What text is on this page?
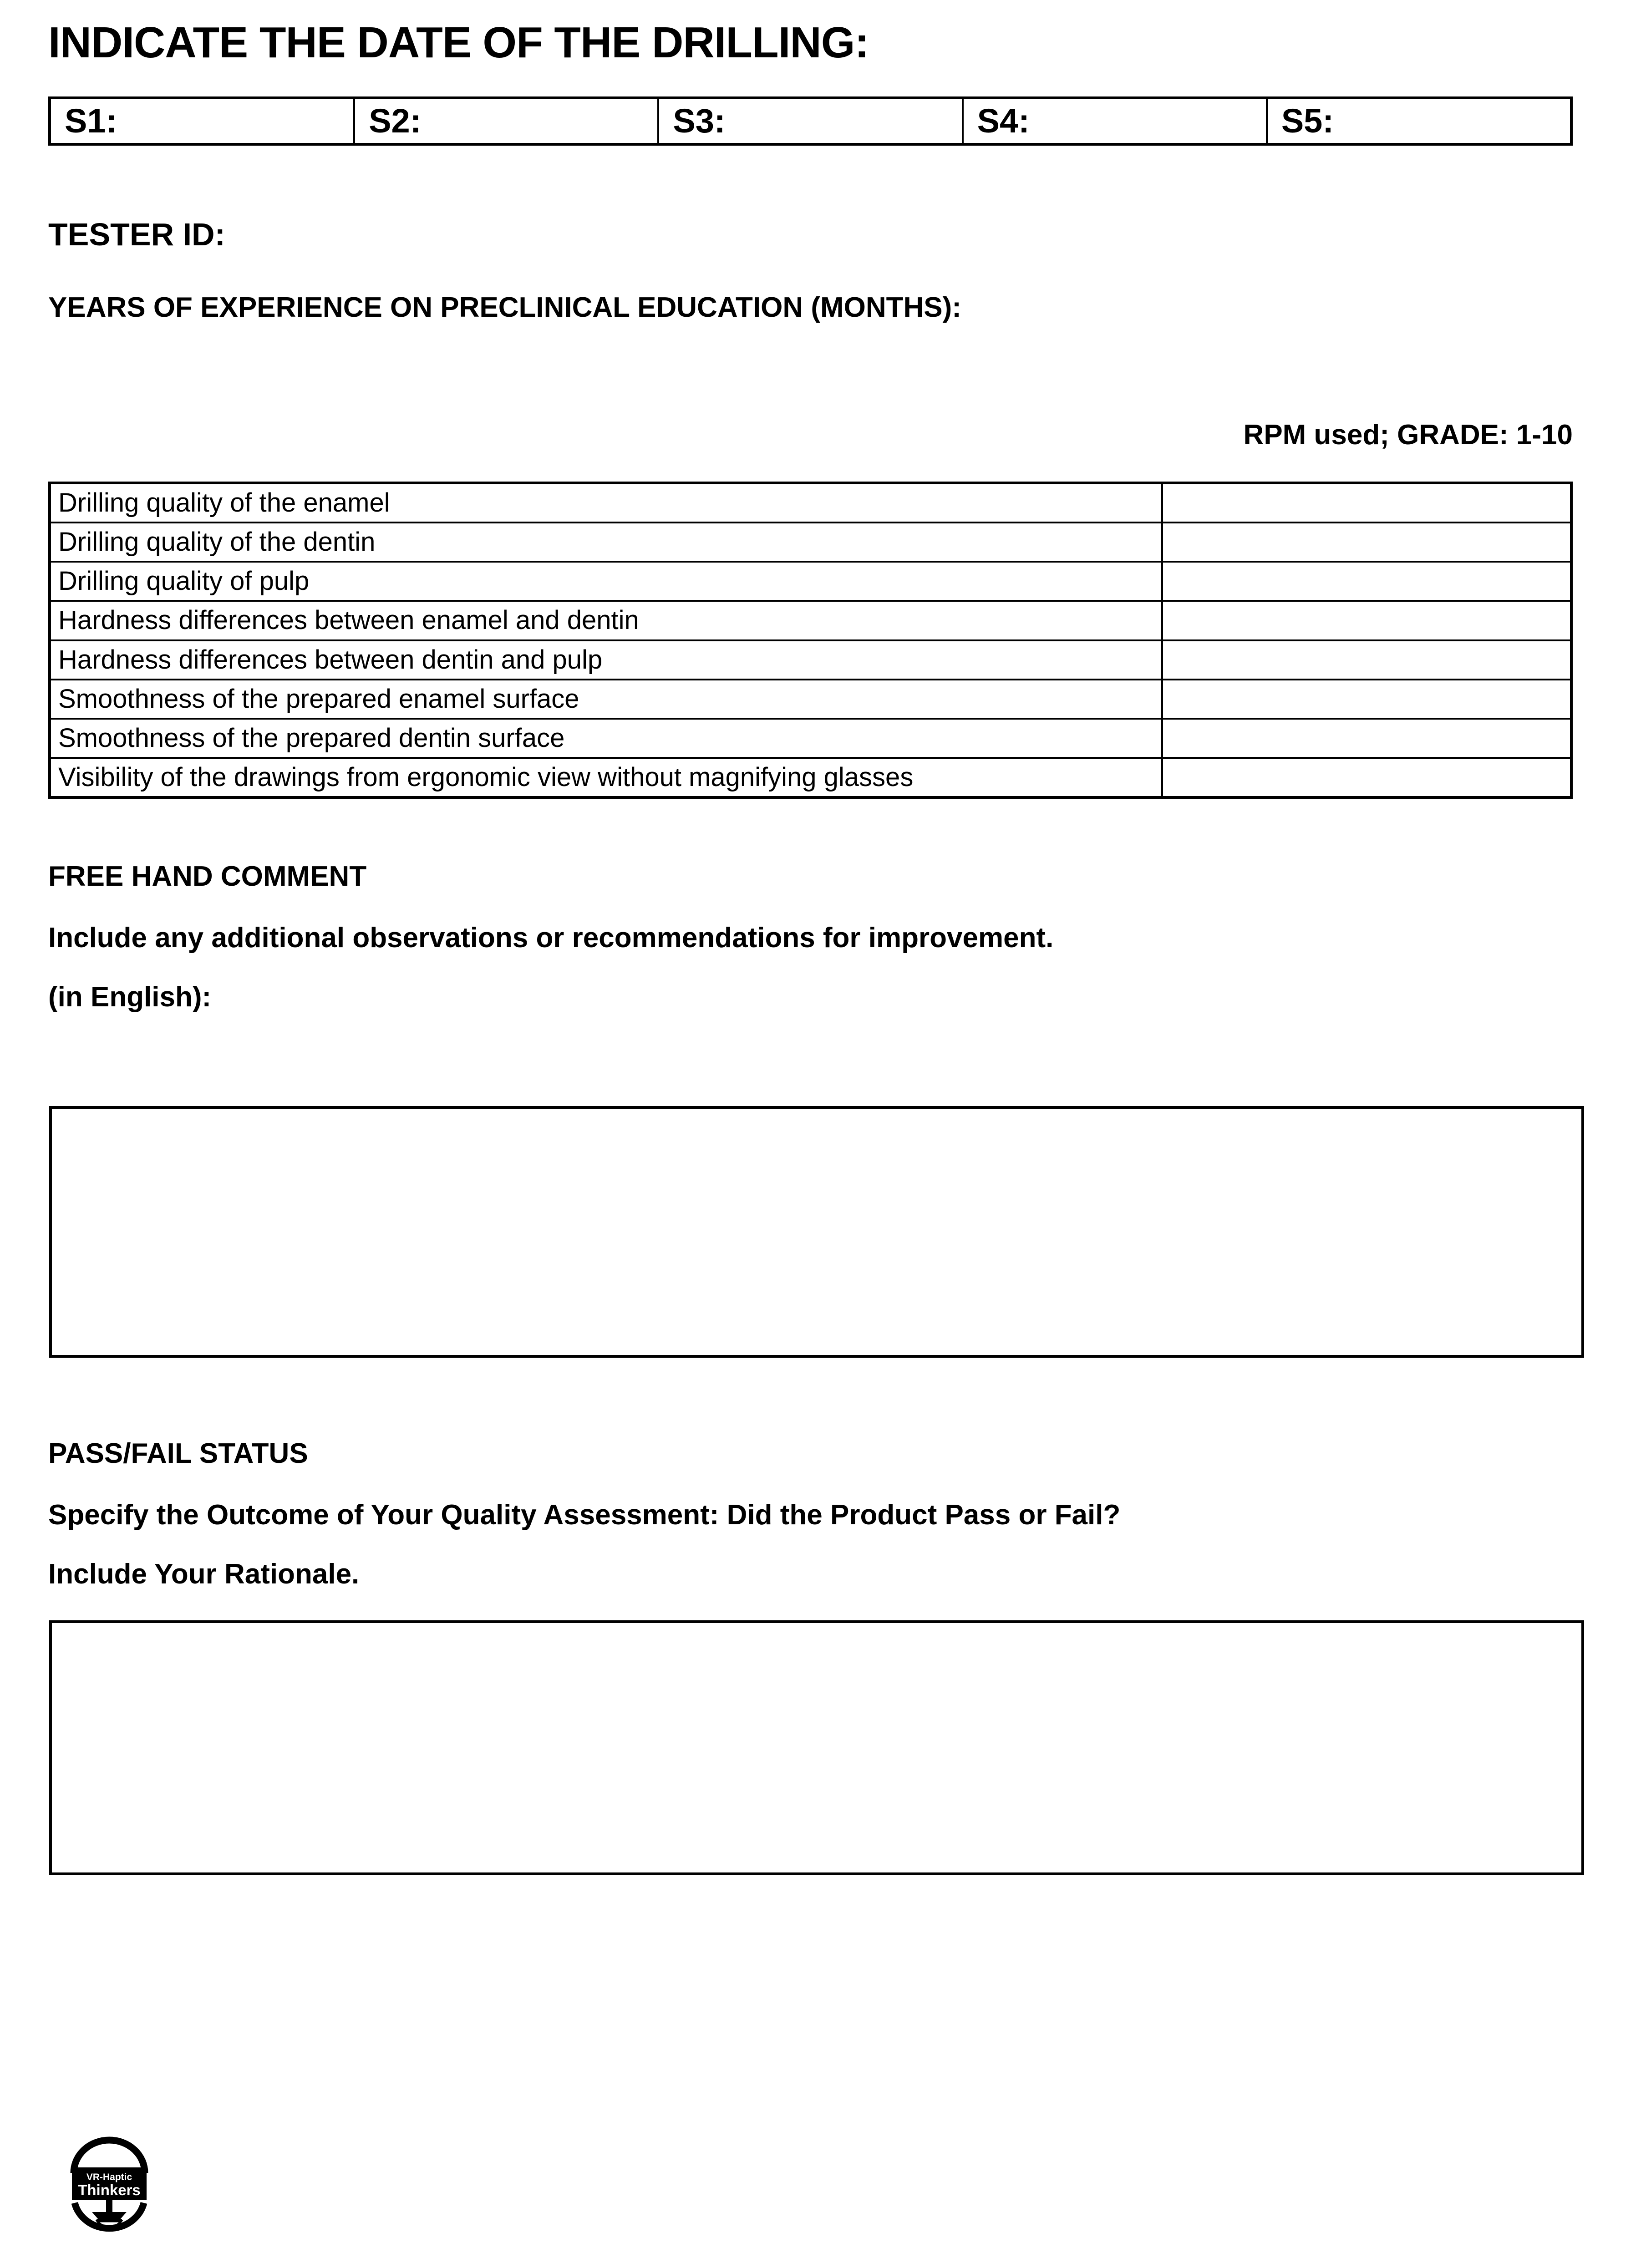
INDICATE THE DATE OF THE DRILLING:
S1:	S2:	S3:	S4:	S5:
TESTER ID:
YEARS OF EXPERIENCE ON PRECLINICAL EDUCATION (MONTHS):
RPM used; GRADE: 1-10
Drilling quality of the enamel
Drilling quality of the dentin
Drilling quality of pulp
Hardness differences between enamel and dentin
Hardness differences between dentin and pulp
Smoothness of the prepared enamel surface
Smoothness of the prepared dentin surface
Visibility of the drawings from ergonomic view without magnifying glasses
FREE HAND COMMENT
Include any additional observations or recommendations for improvement.
(in English):
PASS/FAIL STATUS
Specify the Outcome of Your Quality Assessment: Did the Product Pass or Fail?
Include Your Rationale.
VR-Haptic
Thinkers
